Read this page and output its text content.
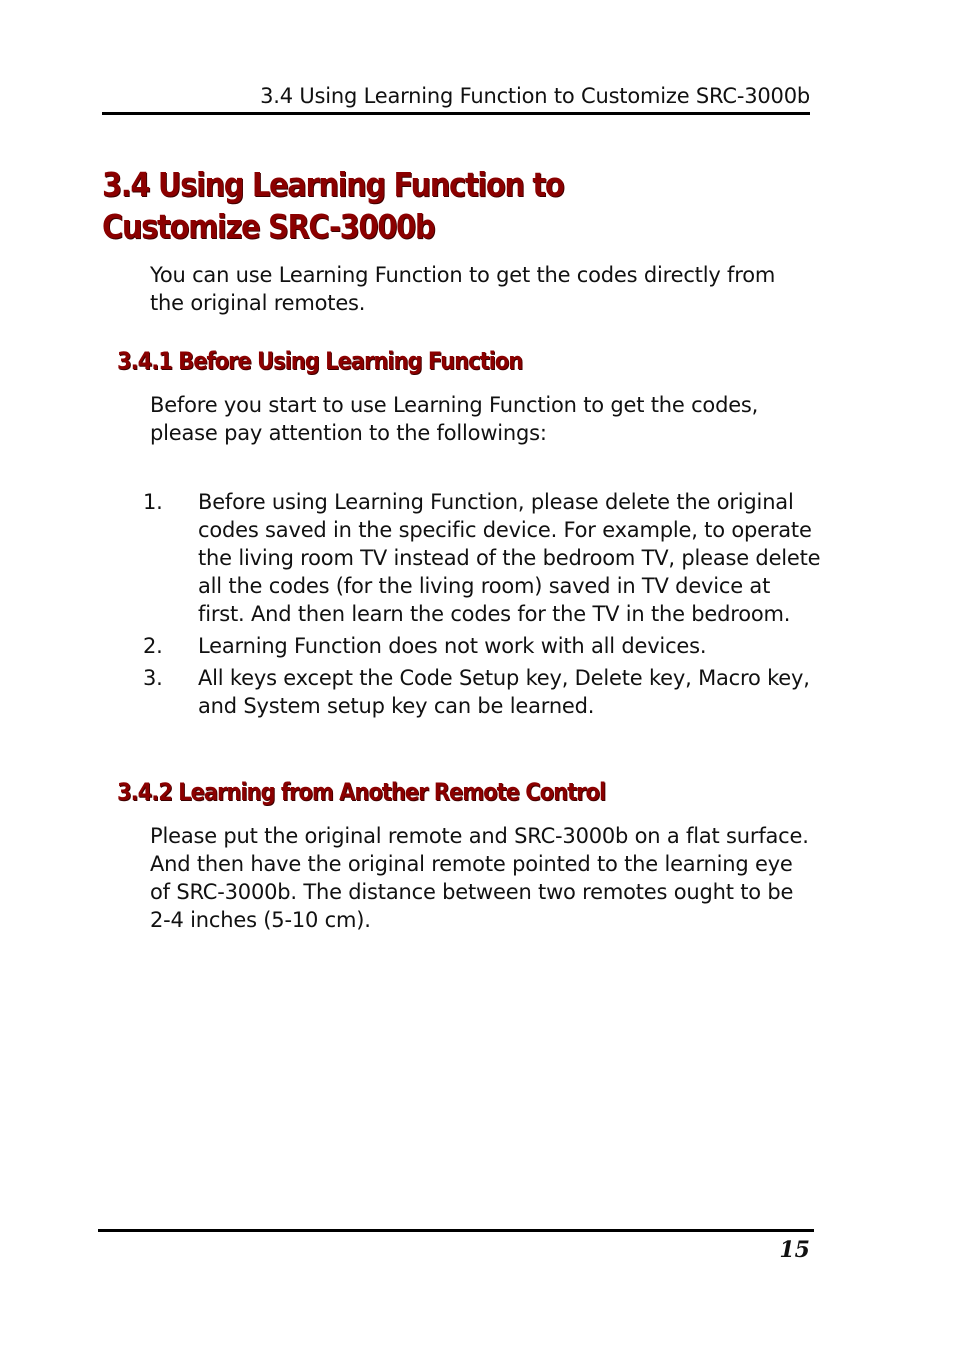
3.4 Using Learning Function to Customize SRC-3000b
3.4 Using Learning Function to Customize SRC-3000b

You can use Learning Function to get the codes directly from the original remotes.

3.4.1 Before Using Learning Function

Before you start to use Learning Function to get the codes, please pay attention to the followings:

1. Before using Learning Function, please delete the original codes saved in the specific device. For example, to operate the living room TV instead of the bedroom TV, please delete all the codes (for the living room) saved in TV device at first. And then learn the codes for the TV in the bedroom.
2. Learning Function does not work with all devices.
3. All keys except the Code Setup key, Delete key, Macro key, and System setup key can be learned.
3.4.2 Learning from Another Remote Control

Please put the original remote and SRC-3000b on a flat surface. And then have the original remote pointed to the learning eye of SRC-3000b. The distance between two remotes ought to be 2-4 inches (5-10 cm).

15
